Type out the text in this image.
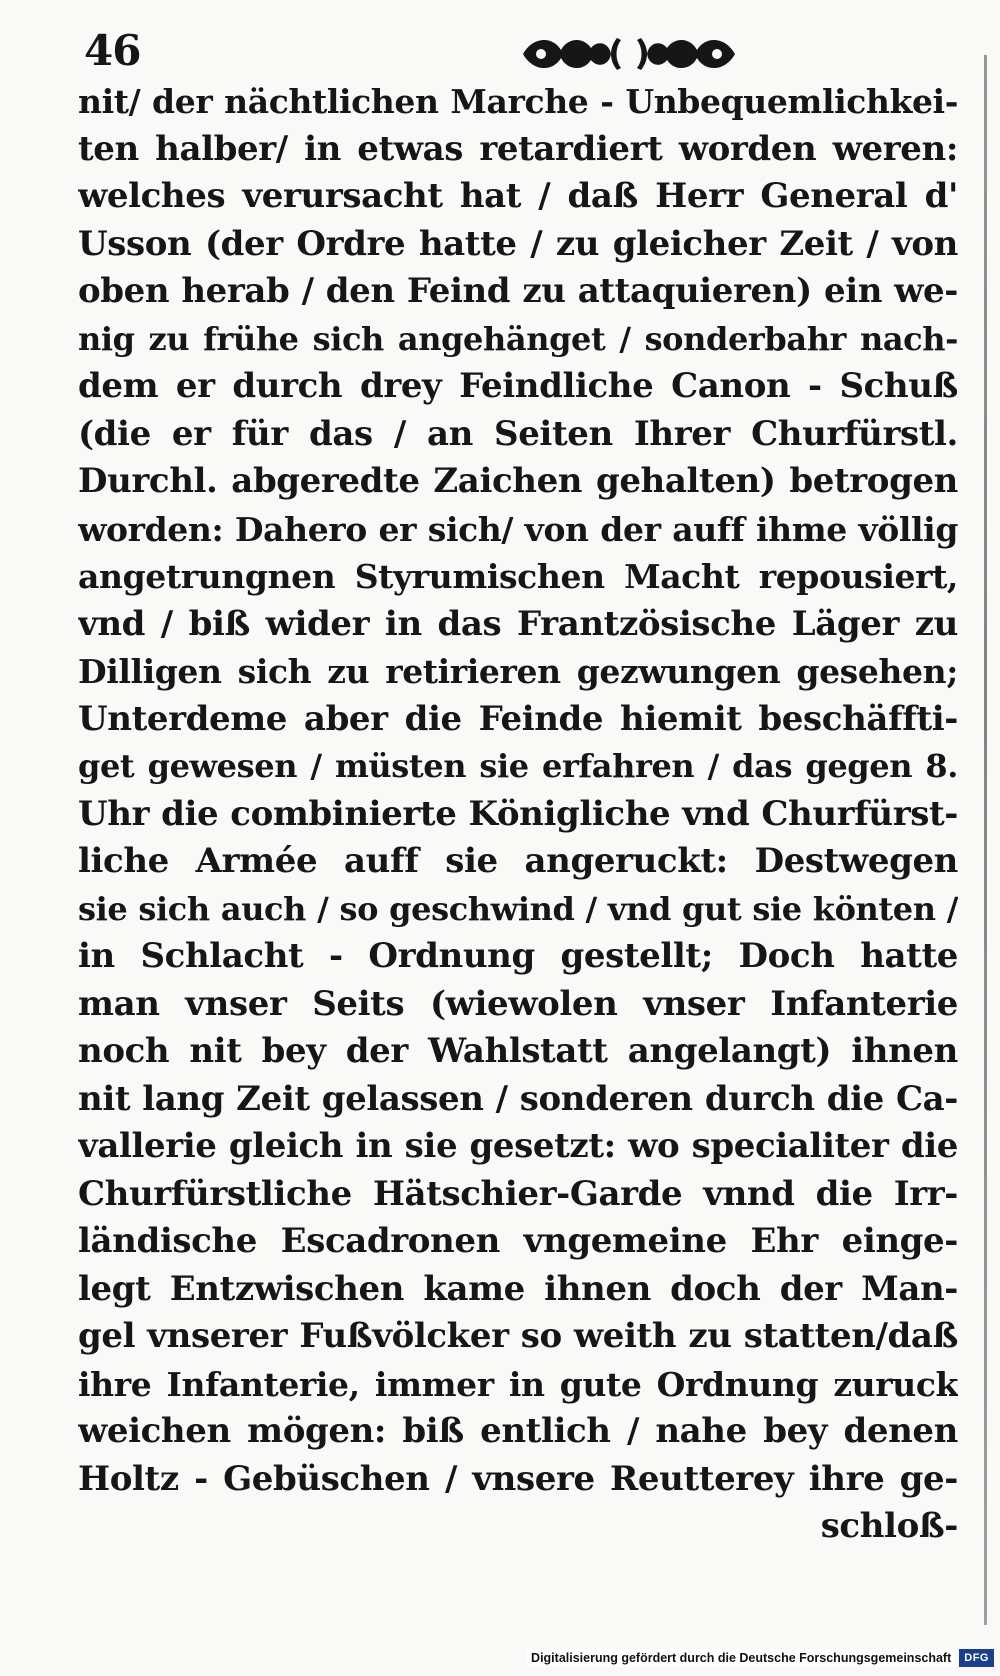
46
nit/ der nächtlichen Marche - Unbequemlichkei-
ten halber/ in etwas retardiert worden weren:
welches verursacht hat / daß Herr General d'
Usson (der Ordre hatte / zu gleicher Zeit / von
oben herab / den Feind zu attaquieren) ein we-
nig zu frühe sich angehänget / sonderbahr nach-
dem er durch drey Feindliche Canon - Schuß
(die er für das / an Seiten Ihrer Churfürstl.
Durchl. abgeredte Zaichen gehalten) betrogen
worden: Dahero er sich/ von der auff ihme völlig
angetrungnen Styrumischen Macht repousiert,
vnd / biß wider in das Frantzösische Läger zu
Dilligen sich zu retirieren gezwungen gesehen;
Unterdeme aber die Feinde hiemit beschäffti-
get gewesen / müsten sie erfahren / das gegen 8.
Uhr die combinierte Königliche vnd Churfürst-
liche Armée auff sie angeruckt: Destwegen
sie sich auch / so geschwind / vnd gut sie könten /
in Schlacht - Ordnung gestellt; Doch hatte
man vnser Seits (wiewolen vnser Infanterie
noch nit bey der Wahlstatt angelangt) ihnen
nit lang Zeit gelassen / sonderen durch die Ca-
vallerie gleich in sie gesetzt: wo specialiter die
Churfürstliche Hätschier-Garde vnnd die Irr-
ländische Escadronen vngemeine Ehr einge-
legt Entzwischen kame ihnen doch der Man-
gel vnserer Fußvölcker so weith zu statten/daß
ihre Infanterie, immer in gute Ordnung zuruck
weichen mögen: biß entlich / nahe bey denen
Holtz - Gebüschen / vnsere Reutterey ihre ge-
schloß-
Digitalisierung gefördert durch die Deutsche Forschungsgemeinschaft	DFG
